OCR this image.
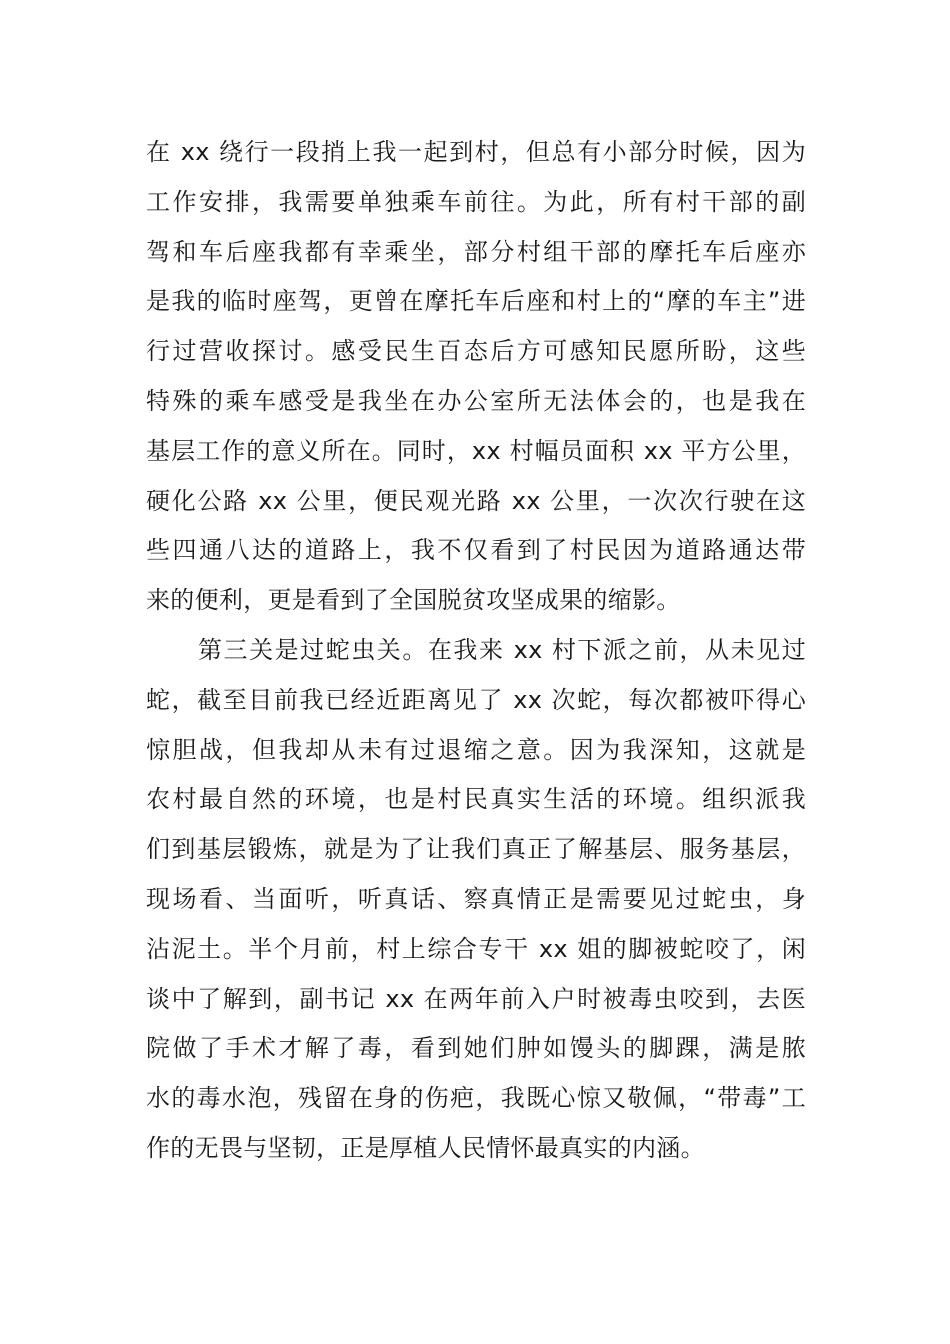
在 xx 绕行一段捎上我一起到村，但总有小部分时候，因为
工作安排，我需要单独乘车前往。为此，所有村干部的副
驾和车后座我都有幸乘坐，部分村组干部的摩托车后座亦
是我的临时座驾，更曾在摩托车后座和村上的“摩的车主”进
行过营收探讨。感受民生百态后方可感知民愿所盼，这些
特殊的乘车感受是我坐在办公室所无法体会的，也是我在
基层工作的意义所在。同时，xx 村幅员面积 xx 平方公里，
硬化公路 xx 公里，便民观光路 xx 公里，一次次行驶在这
些四通八达的道路上，我不仅看到了村民因为道路通达带
来的便利，更是看到了全国脱贫攻坚成果的缩影。
第三关是过蛇虫关。在我来 xx 村下派之前，从未见过
蛇，截至目前我已经近距离见了 xx 次蛇，每次都被吓得心
惊胆战，但我却从未有过退缩之意。因为我深知，这就是
农村最自然的环境，也是村民真实生活的环境。组织派我
们到基层锻炼，就是为了让我们真正了解基层、服务基层，
现场看、当面听，听真话、察真情正是需要见过蛇虫，身
沾泥土。半个月前，村上综合专干 xx 姐的脚被蛇咬了，闲
谈中了解到，副书记 xx 在两年前入户时被毒虫咬到，去医
院做了手术才解了毒，看到她们肿如馒头的脚踝，满是脓
水的毒水泡，残留在身的伤疤，我既心惊又敬佩，“带毒”工
作的无畏与坚韧，正是厚植人民情怀最真实的内涵。
